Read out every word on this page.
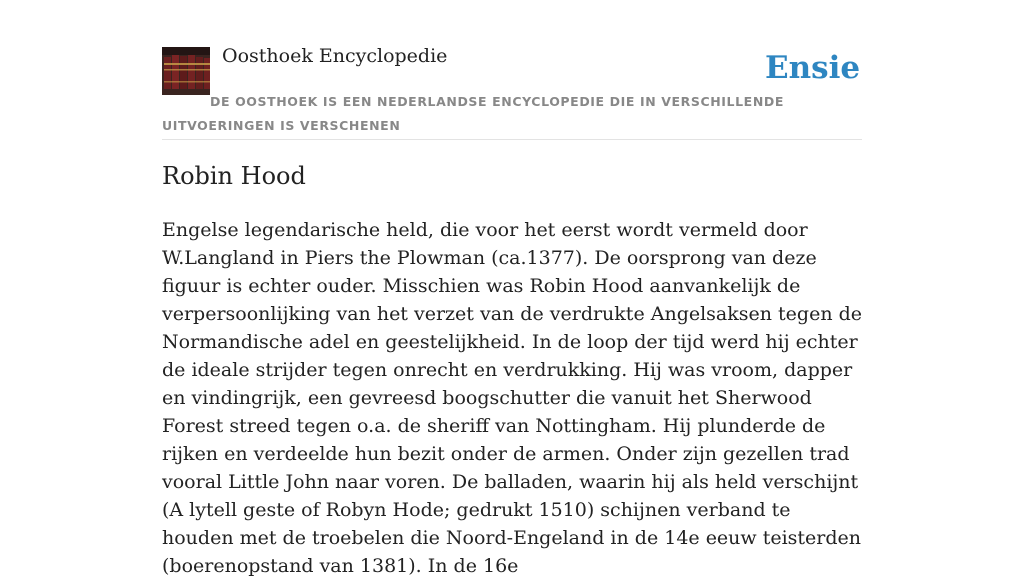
Oosthoek Encyclopedie	Ensie
DE OOSTHOEK IS EEN NEDERLANDSE ENCYCLOPEDIE DIE IN VERSCHILLENDE UITVOERINGEN IS VERSCHENEN
Robin Hood

Engelse legendarische held, die voor het eerst wordt vermeld door W.Langland in Piers the Plowman (ca.1377). De oorsprong van deze figuur is echter ouder. Misschien was Robin Hood aanvankelijk de verpersoonlijking van het verzet van de verdrukte Angelsaksen tegen de Normandische adel en geestelijkheid. In de loop der tijd werd hij echter de ideale strijder tegen onrecht en verdrukking. Hij was vroom, dapper en vindingrijk, een gevreesd boogschutter die vanuit het Sherwood Forest streed tegen o.a. de sheriff van Nottingham. Hij plunderde de rijken en verdeelde hun bezit onder de armen. Onder zijn gezellen trad vooral Little John naar voren. De balladen, waarin hij als held verschijnt (A lytell geste of Robyn Hode; gedrukt 1510) schijnen verband te houden met de troebelen die Noord-Engeland in de 14e eeuw teisterden (boerenopstand van 1381). In de 16e
